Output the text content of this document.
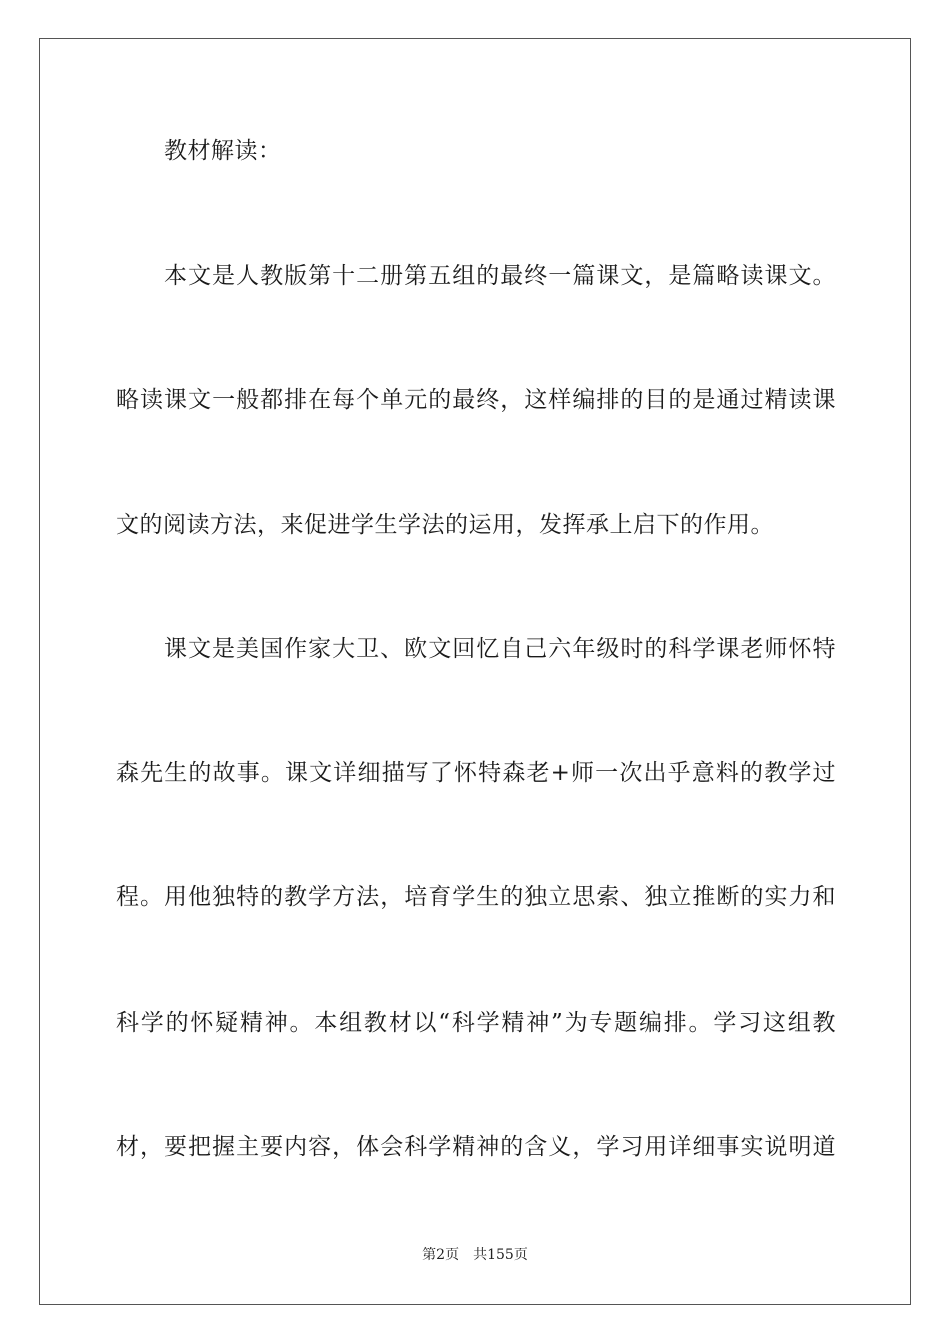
教材解读：
本文是人教版第十二册第五组的最终一篇课文，是篇略读课文。
略读课文一般都排在每个单元的最终，这样编排的目的是通过精读课
文的阅读方法，来促进学生学法的运用，发挥承上启下的作用。
课文是美国作家大卫、欧文回忆自己六年级时的科学课老师怀特
森先生的故事。课文详细描写了怀特森老+师一次出乎意料的教学过
程。用他独特的教学方法，培育学生的独立思索、独立推断的实力和
科学的怀疑精神。本组教材以“科学精神”为专题编排。学习这组教
材，要把握主要内容，体会科学精神的含义，学习用详细事实说明道
第2页 共155页
